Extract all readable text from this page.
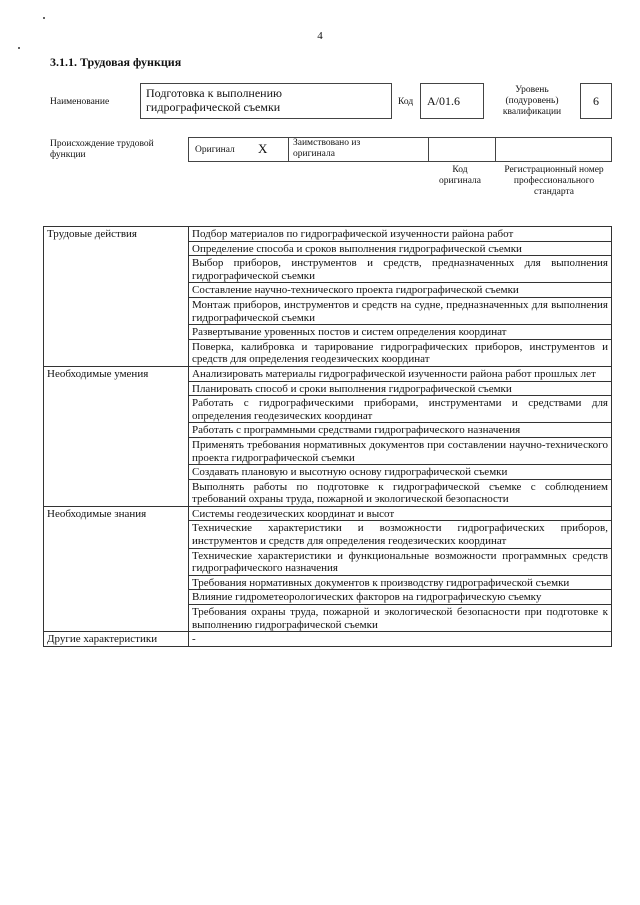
4
3.1.1. Трудовая функция
Наименование
Подготовка к выполнению гидрографической съемки	Код A/01.6
Уровень (подуровень) квалификации
6
Происхождение трудовой функции	Оригинал X	Заимствовано из оригинала
Код оригинала
Регистрационный номер профессионального стандарта
Трудовые действия	Подбор материалов по гидрографической изученности района работ
	Определение способа и сроков выполнения гидрографической съемки
	Выбор приборов, инструментов и средств, предназначенных для выполнения гидрографической съемки
	Составление научно-технического проекта гидрографической съемки
	Монтаж приборов, инструментов и средств на судне, предназначенных для выполнения гидрографической съемки
	Развертывание уровенных постов и систем определения координат
	Поверка, калибровка и тарирование гидрографических приборов, инструментов и средств для определения геодезических координат
Необходимые умения	Анализировать материалы гидрографической изученности района работ прошлых лет
	Планировать способ и сроки выполнения гидрографической съемки
	Работать с гидрографическими приборами, инструментами и средствами для определения геодезических координат
	Работать с программными средствами гидрографического назначения
	Применять требования нормативных документов при составлении научно-технического проекта гидрографической съемки
	Создавать плановую и высотную основу гидрографической съемки
	Выполнять работы по подготовке к гидрографической съемке с соблюдением требований охраны труда, пожарной и экологической безопасности
Необходимые знания	Системы геодезических координат и высот
	Технические характеристики и возможности гидрографических приборов, инструментов и средств для определения геодезических координат
	Технические характеристики и функциональные возможности программных средств гидрографического назначения
	Требования нормативных документов к производству гидрографической съемки
	Влияние гидрометеорологических факторов на гидрографическую съемку
	Требования охраны труда, пожарной и экологической безопасности при подготовке к выполнению гидрографической съемки
Другие характеристики	-
